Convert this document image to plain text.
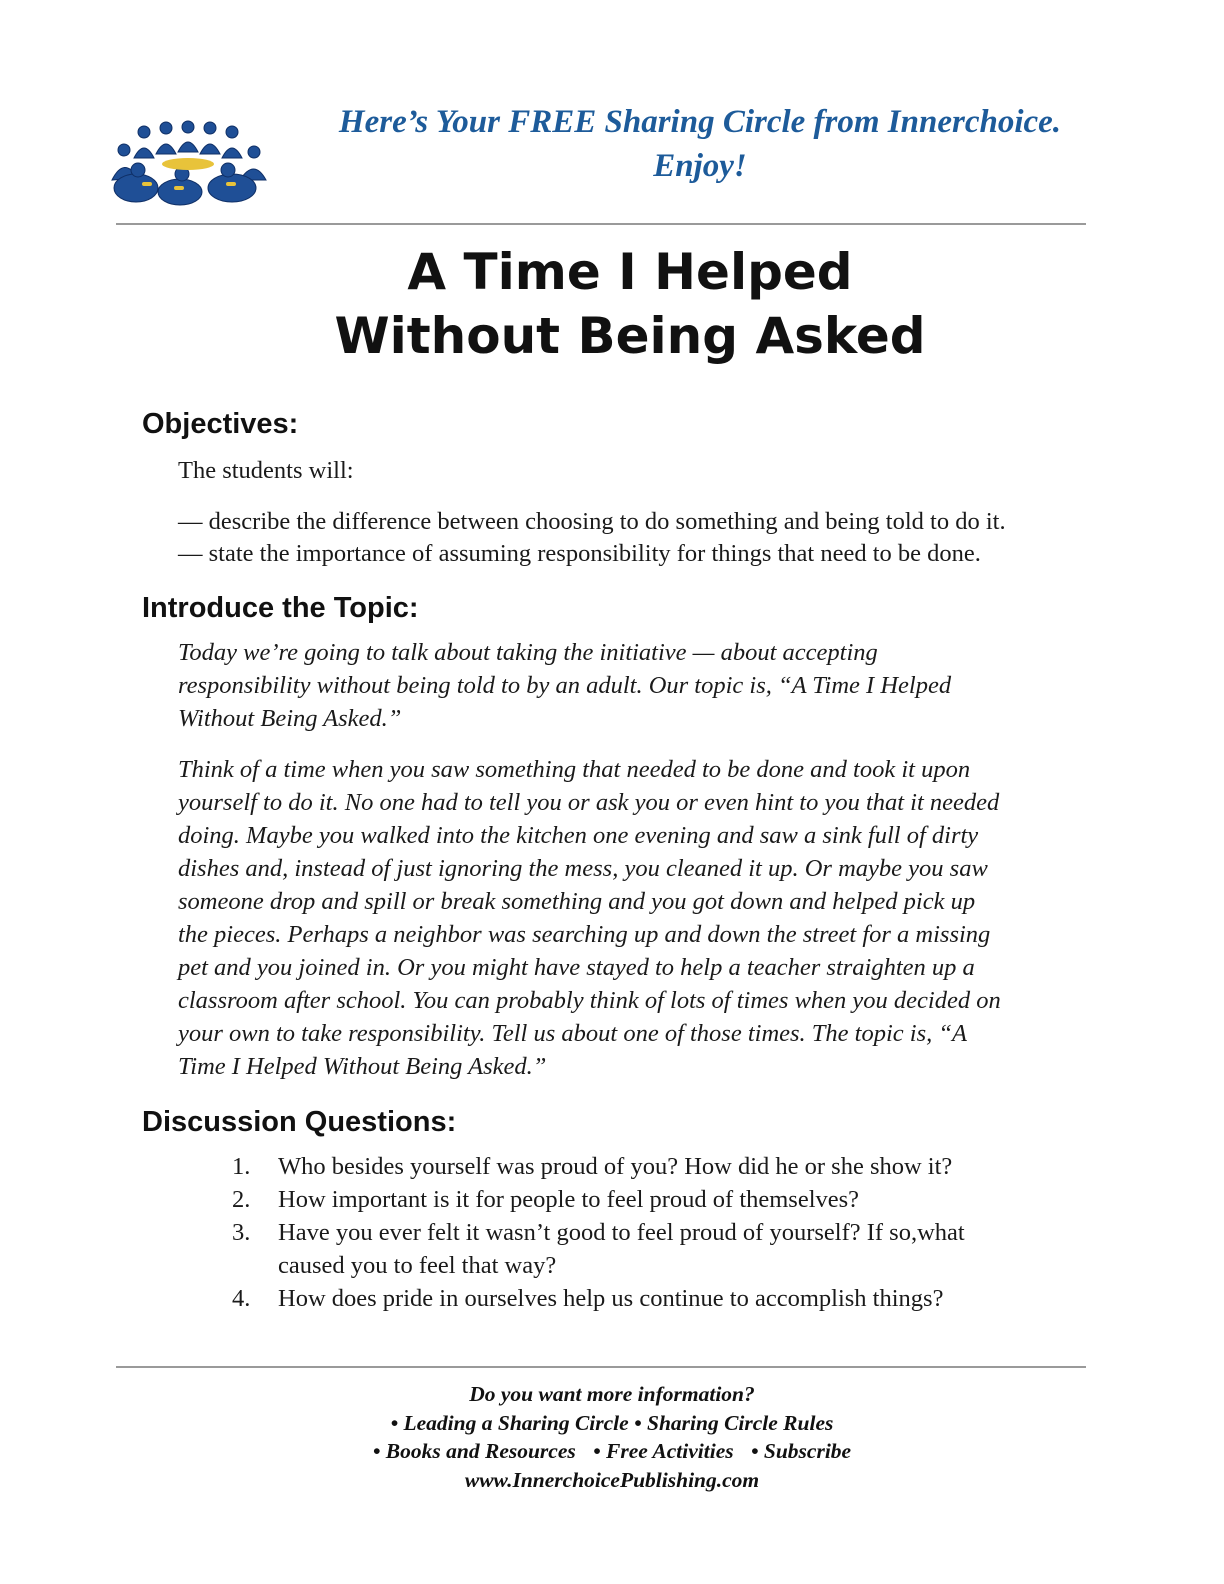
Here’s Your FREE Sharing Circle from Innerchoice.
Enjoy!
A Time I Helped
Without Being Asked
Objectives:

The students will:

— describe the difference between choosing to do something and being told to do it.
— state the importance of assuming responsibility for things that need to be done.
Introduce the Topic:
Today we’re going to talk about taking the initiative — about accepting
responsibility without being told to by an adult. Our topic is, “A Time I Helped
Without Being Asked.”
Think of a time when you saw something that needed to be done and took it upon
yourself to do it. No one had to tell you or ask you or even hint to you that it needed
doing. Maybe you walked into the kitchen one evening and saw a sink full of dirty
dishes and, instead of just ignoring the mess, you cleaned it up. Or maybe you saw
someone drop and spill or break something and you got down and helped pick up
the pieces. Perhaps a neighbor was searching up and down the street for a missing
pet and you joined in. Or you might have stayed to help a teacher straighten up a
classroom after school. You can probably think of lots of times when you decided on
your own to take responsibility. Tell us about one of those times. The topic is, “A
Time I Helped Without Being Asked.”
Discussion Questions:
1. Who besides yourself was proud of you? How did he or she show it?
2. How important is it for people to feel proud of themselves?
3. Have you ever felt it wasn’t good to feel proud of yourself? If so,what
caused you to feel that way?
4. How does pride in ourselves help us continue to accomplish things?
Do you want more information?
• Leading a Sharing Circle • Sharing Circle Rules
• Books and Resources • Free Activities • Subscribe
www.InnerchoicePublishing.com
